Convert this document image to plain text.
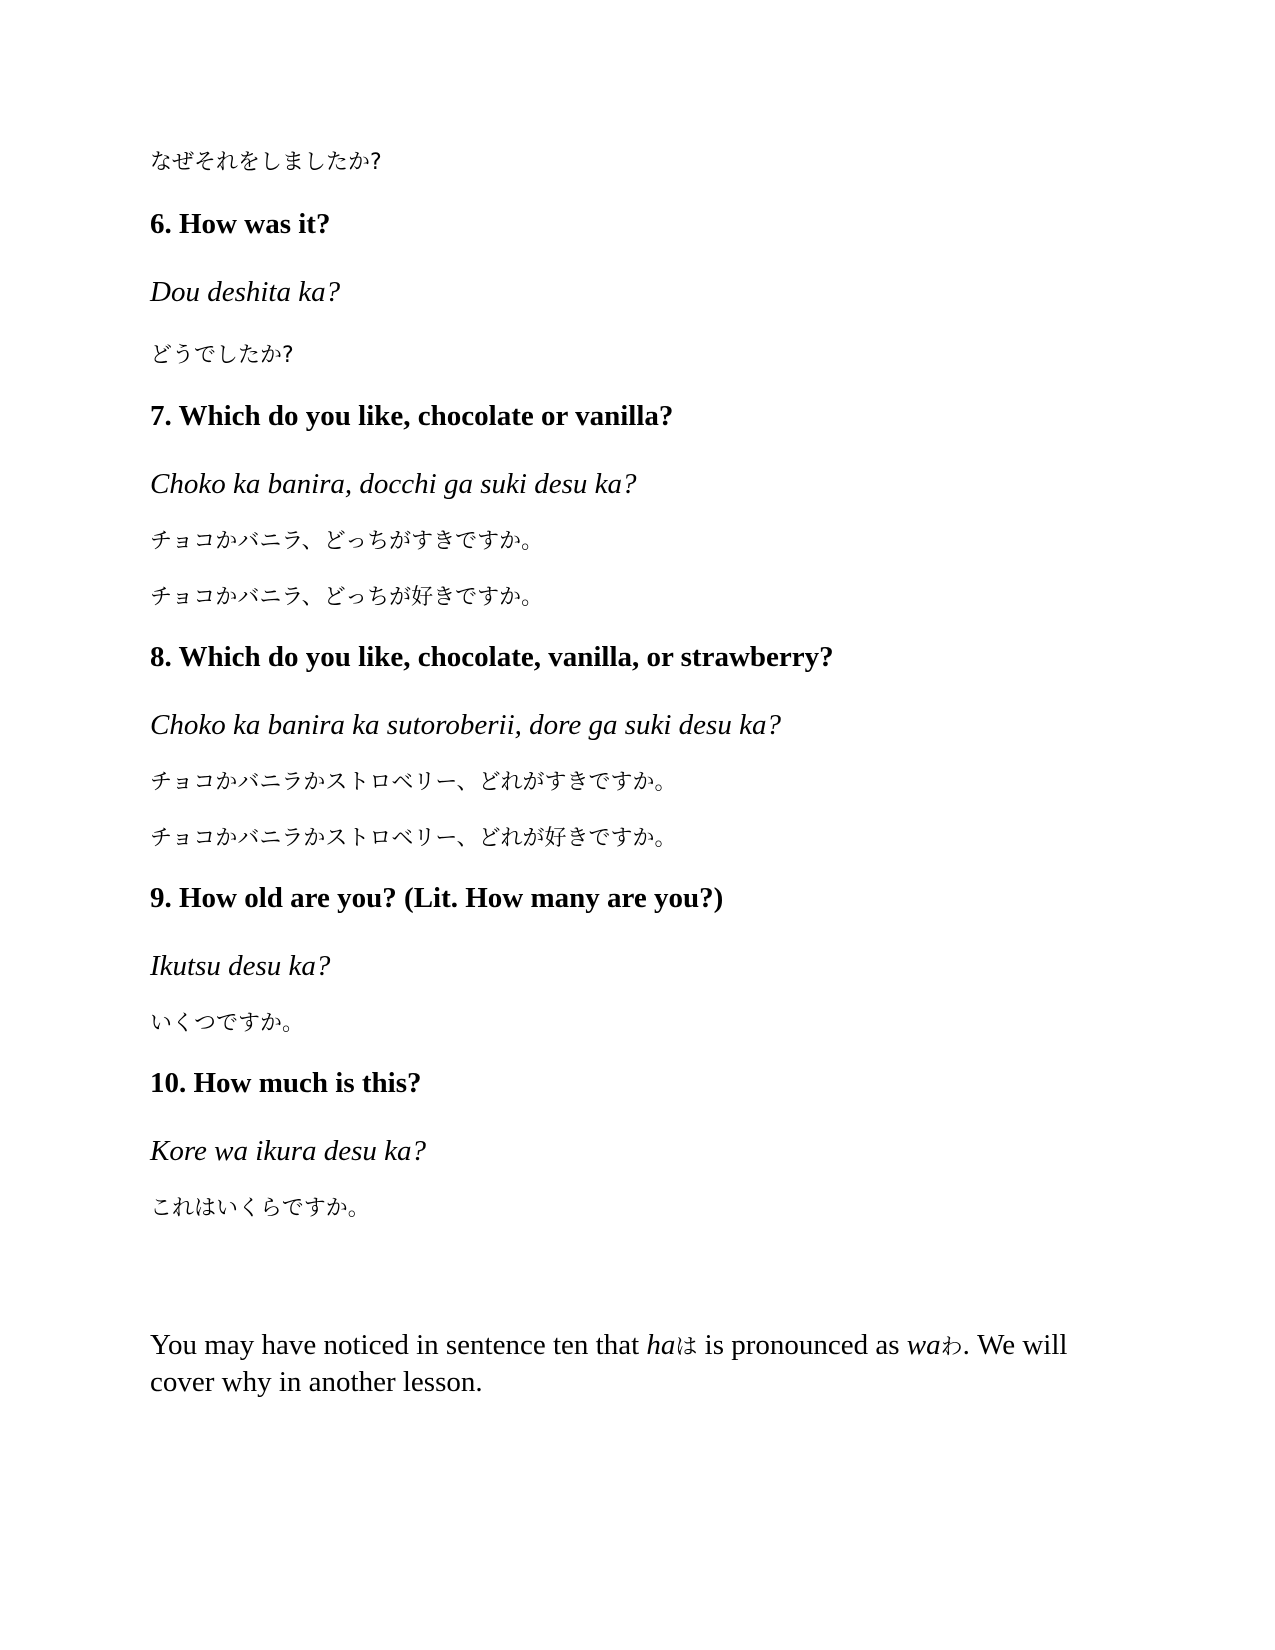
なぜそれをしましたか?

6. How was it?

Dou deshita ka?

どうでしたか?

7. Which do you like, chocolate or vanilla?

Choko ka banira, docchi ga suki desu ka?

チョコかバニラ、どっちがすきですか。

チョコかバニラ、どっちが好きですか。

8. Which do you like, chocolate, vanilla, or strawberry?

Choko ka banira ka sutoroberii, dore ga suki desu ka?

チョコかバニラかストロベリー、どれがすきですか。

チョコかバニラかストロベリー、どれが好きですか。

9. How old are you? (Lit. How many are you?)

Ikutsu desu ka?

いくつですか。

10. How much is this?

Kore wa ikura desu ka?

これはいくらですか。

You may have noticed in sentence ten that haは is pronounced as waわ. We will cover why in another lesson.
